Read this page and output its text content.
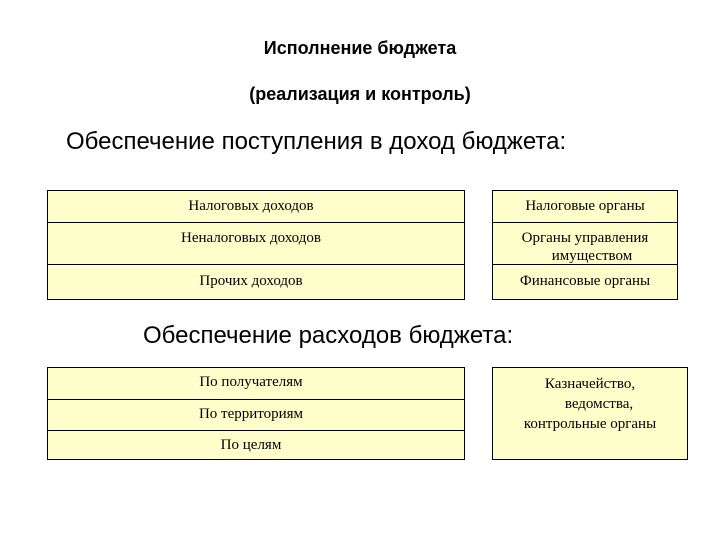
Исполнение бюджета
(реализация и контроль)
Обеспечение поступления в доход бюджета:
Налоговых доходов
Неналоговых доходов
Прочих доходов
Налоговые органы
Органы управления
имуществом
Финансовые органы
Обеспечение расходов бюджета:
По получателям
По территориям
По целям
Казначейство,
ведомства,
контрольные органы
